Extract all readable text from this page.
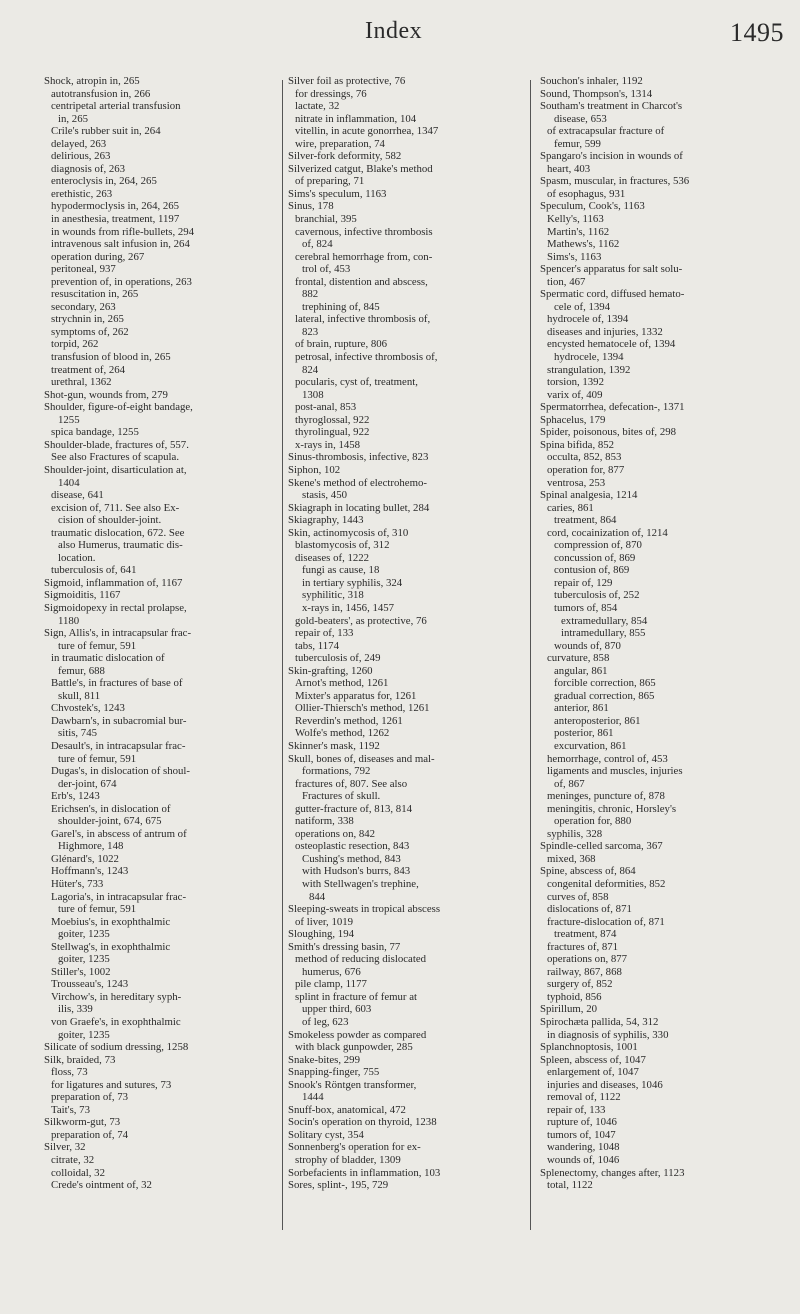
Index	1495
Shock, atropin in, 265
autotransfusion in, 266
centripetal arterial transfusion
in, 265
Crile's rubber suit in, 264
delayed, 263
delirious, 263
diagnosis of, 263
enteroclysis in, 264, 265
erethistic, 263
hypodermoclysis in, 264, 265
in anesthesia, treatment, 1197
in wounds from rifle-bullets, 294
intravenous salt infusion in, 264
operation during, 267
peritoneal, 937
prevention of, in operations, 263
resuscitation in, 265
secondary, 263
strychnin in, 265
symptoms of, 262
torpid, 262
transfusion of blood in, 265
treatment of, 264
urethral, 1362
Shot-gun, wounds from, 279
Shoulder, figure-of-eight bandage,
1255
spica bandage, 1255
Shoulder-blade, fractures of, 557.
See also Fractures of scapula.
Shoulder-joint, disarticulation at,
1404
disease, 641
excision of, 711. See also Ex-
cision of shoulder-joint.
traumatic dislocation, 672. See
also Humerus, traumatic dis-
location.
tuberculosis of, 641
Sigmoid, inflammation of, 1167
Sigmoiditis, 1167
Sigmoidopexy in rectal prolapse,
1180
Sign, Allis's, in intracapsular frac-
ture of femur, 591
in traumatic dislocation of
femur, 688
Battle's, in fractures of base of
skull, 811
Chvostek's, 1243
Dawbarn's, in subacromial bur-
sitis, 745
Desault's, in intracapsular frac-
ture of femur, 591
Dugas's, in dislocation of shoul-
der-joint, 674
Erb's, 1243
Erichsen's, in dislocation of
shoulder-joint, 674, 675
Garel's, in abscess of antrum of
Highmore, 148
Glénard's, 1022
Hoffmann's, 1243
Hüter's, 733
Lagoria's, in intracapsular frac-
ture of femur, 591
Moebius's, in exophthalmic
goiter, 1235
Stellwag's, in exophthalmic
goiter, 1235
Stiller's, 1002
Trousseau's, 1243
Virchow's, in hereditary syph-
ilis, 339
von Graefe's, in exophthalmic
goiter, 1235
Silicate of sodium dressing, 1258
Silk, braided, 73
floss, 73
for ligatures and sutures, 73
preparation of, 73
Tait's, 73
Silkworm-gut, 73
preparation of, 74
Silver, 32
citrate, 32
colloidal, 32
Crede's ointment of, 32
Silver foil as protective, 76
for dressings, 76
lactate, 32
nitrate in inflammation, 104
vitellin, in acute gonorrhea, 1347
wire, preparation, 74
Silver-fork deformity, 582
Silverized catgut, Blake's method
of preparing, 71
Sims's speculum, 1163
Sinus, 178
branchial, 395
cavernous, infective thrombosis
of, 824
cerebral hemorrhage from, con-
trol of, 453
frontal, distention and abscess,
882
trephining of, 845
lateral, infective thrombosis of,
823
of brain, rupture, 806
petrosal, infective thrombosis of,
824
pocularis, cyst of, treatment,
1308
post-anal, 853
thyroglossal, 922
thyrolingual, 922
x-rays in, 1458
Sinus-thrombosis, infective, 823
Siphon, 102
Skene's method of electrohemo-
stasis, 450
Skiagraph in locating bullet, 284
Skiagraphy, 1443
Skin, actinomycosis of, 310
blastomycosis of, 312
diseases of, 1222
fungi as cause, 18
in tertiary syphilis, 324
syphilitic, 318
x-rays in, 1456, 1457
gold-beaters', as protective, 76
repair of, 133
tabs, 1174
tuberculosis of, 249
Skin-grafting, 1260
Arnot's method, 1261
Mixter's apparatus for, 1261
Ollier-Thiersch's method, 1261
Reverdin's method, 1261
Wolfe's method, 1262
Skinner's mask, 1192
Skull, bones of, diseases and mal-
formations, 792
fractures of, 807. See also
Fractures of skull.
gutter-fracture of, 813, 814
natiform, 338
operations on, 842
osteoplastic resection, 843
Cushing's method, 843
with Hudson's burrs, 843
with Stellwagen's trephine,
844
Sleeping-sweats in tropical abscess
of liver, 1019
Sloughing, 194
Smith's dressing basin, 77
method of reducing dislocated
humerus, 676
pile clamp, 1177
splint in fracture of femur at
upper third, 603
of leg, 623
Smokeless powder as compared
with black gunpowder, 285
Snake-bites, 299
Snapping-finger, 755
Snook's Röntgen transformer,
1444
Snuff-box, anatomical, 472
Socin's operation on thyroid, 1238
Solitary cyst, 354
Sonnenberg's operation for ex-
strophy of bladder, 1309
Sorbefacients in inflammation, 103
Sores, splint-, 195, 729
Souchon's inhaler, 1192
Sound, Thompson's, 1314
Southam's treatment in Charcot's
disease, 653
of extracapsular fracture of
femur, 599
Spangaro's incision in wounds of
heart, 403
Spasm, muscular, in fractures, 536
of esophagus, 931
Speculum, Cook's, 1163
Kelly's, 1163
Martin's, 1162
Mathews's, 1162
Sims's, 1163
Spencer's apparatus for salt solu-
tion, 467
Spermatic cord, diffused hemato-
cele of, 1394
hydrocele of, 1394
diseases and injuries, 1332
encysted hematocele of, 1394
hydrocele, 1394
strangulation, 1392
torsion, 1392
varix of, 409
Spermatorrhea, defecation-, 1371
Sphacelus, 179
Spider, poisonous, bites of, 298
Spina bifida, 852
occulta, 852, 853
operation for, 877
ventrosa, 253
Spinal analgesia, 1214
caries, 861
treatment, 864
cord, cocainization of, 1214
compression of, 870
concussion of, 869
contusion of, 869
repair of, 129
tuberculosis of, 252
tumors of, 854
extramedullary, 854
intramedullary, 855
wounds of, 870
curvature, 858
angular, 861
forcible correction, 865
gradual correction, 865
anterior, 861
anteroposterior, 861
posterior, 861
excurvation, 861
hemorrhage, control of, 453
ligaments and muscles, injuries
of, 867
meninges, puncture of, 878
meningitis, chronic, Horsley's
operation for, 880
syphilis, 328
Spindle-celled sarcoma, 367
mixed, 368
Spine, abscess of, 864
congenital deformities, 852
curves of, 858
dislocations of, 871
fracture-dislocation of, 871
treatment, 874
fractures of, 871
operations on, 877
railway, 867, 868
surgery of, 852
typhoid, 856
Spirillum, 20
Spirochæta pallida, 54, 312
in diagnosis of syphilis, 330
Splanchnoptosis, 1001
Spleen, abscess of, 1047
enlargement of, 1047
injuries and diseases, 1046
removal of, 1122
repair of, 133
rupture of, 1046
tumors of, 1047
wandering, 1048
wounds of, 1046
Splenectomy, changes after, 1123
total, 1122
